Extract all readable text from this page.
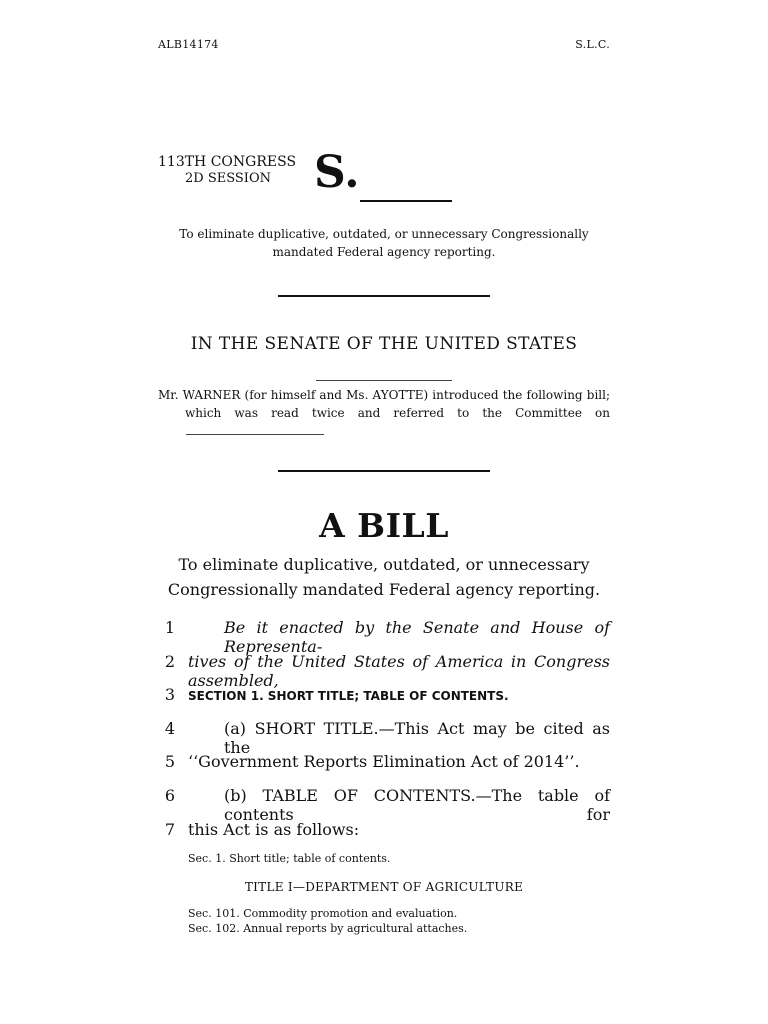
ALB14174	S.L.C.
113TH CONGRESS
2D SESSION S.
To eliminate duplicative, outdated, or unnecessary Congressionally mandated Federal agency reporting.
IN THE SENATE OF THE UNITED STATES
Mr. WARNER (for himself and Ms. AYOTTE) introduced the following bill;
which was read twice and referred to the Committee on
A BILL
To eliminate duplicative, outdated, or unnecessary
Congressionally mandated Federal agency reporting.
1	Be it enacted by the Senate and House of Representa-
2 tives of the United States of America in Congress assembled,
3 SECTION 1. SHORT TITLE; TABLE OF CONTENTS.
4	(a) SHORT TITLE.—This Act may be cited as the
5 ‘‘Government Reports Elimination Act of 2014’’.
6	(b) TABLE OF CONTENTS.—The table of contents for
7 this Act is as follows:
Sec. 1. Short title; table of contents.
TITLE I—DEPARTMENT OF AGRICULTURE
Sec. 101. Commodity promotion and evaluation.
Sec. 102. Annual reports by agricultural attaches.
